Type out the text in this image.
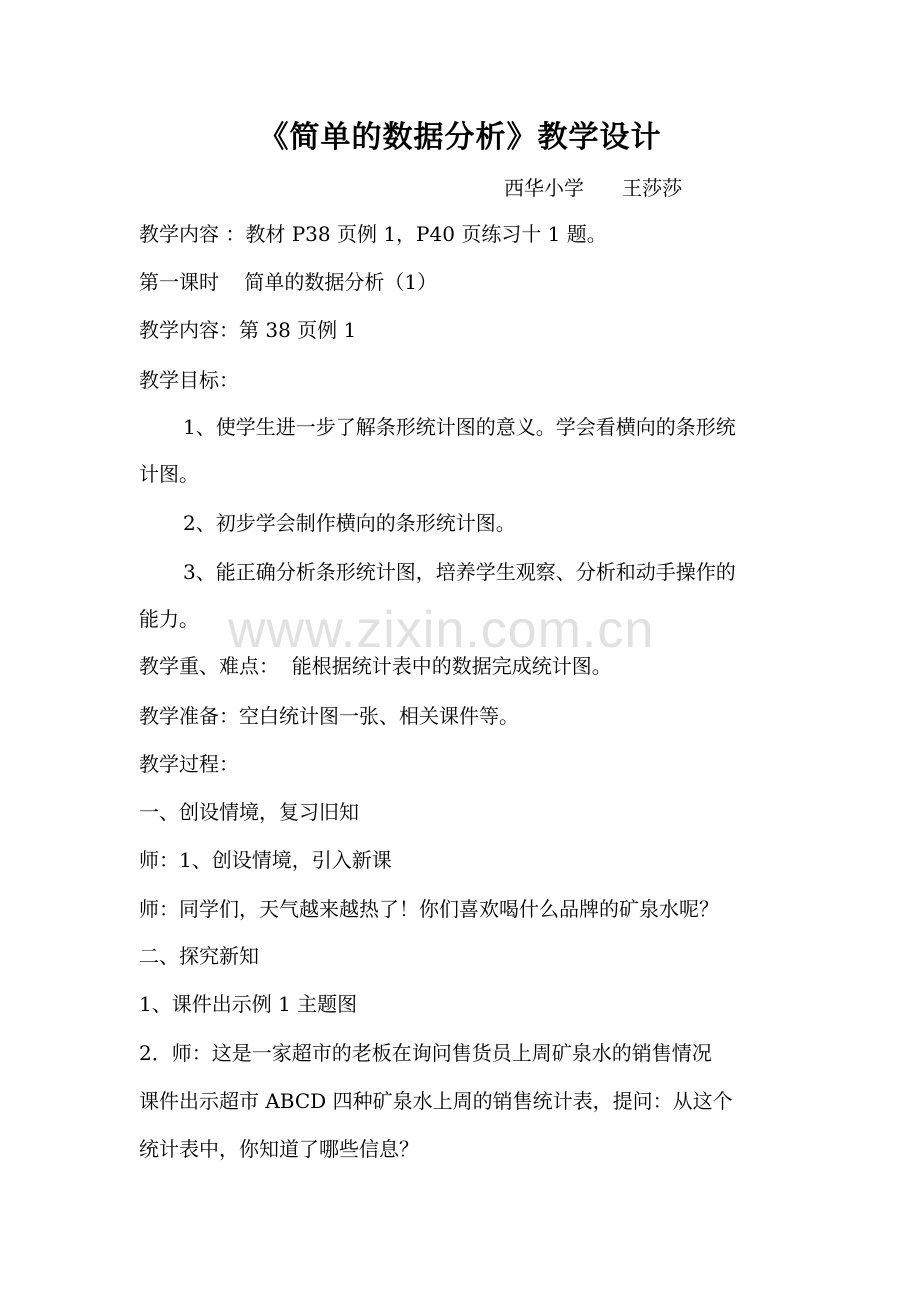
《简单的数据分析》教学设计
西华小学      王莎莎
教学内容 ：教材 P38 页例 1，P40 页练习十 1 题。
第一课时    简单的数据分析（1）
教学内容：第 38 页例 1
教学目标：
1、使学生进一步了解条形统计图的意义。学会看横向的条形统
计图。
2、初步学会制作横向的条形统计图。
3、能正确分析条形统计图，培养学生观察、分析和动手操作的
能力。
教学重、难点：  能根据统计表中的数据完成统计图。
教学准备：空白统计图一张、相关课件等。
教学过程：
一、创设情境，复习旧知
师：1、创设情境，引入新课
师：同学们，天气越来越热了！你们喜欢喝什么品牌的矿泉水呢？
二、探究新知
1、课件出示例 1 主题图
2．师：这是一家超市的老板在询问售货员上周矿泉水的销售情况
课件出示超市 ABCD 四种矿泉水上周的销售统计表，提问：从这个
统计表中，你知道了哪些信息？
www.zixin.com.cn
